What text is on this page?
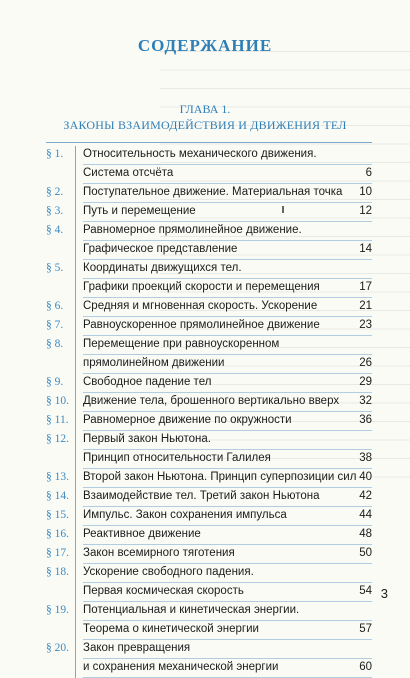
СОДЕРЖАНИЕ
ГЛАВА 1.
ЗАКОНЫ ВЗАИМОДЕЙСТВИЯ И ДВИЖЕНИЯ ТЕЛ
§ 1. Относительность механического движения.
Система отсчёта	6
§ 2. Поступательное движение. Материальная точка	10
§ 3. Путь и перемещение	12
§ 4. Равномерное прямолинейное движение.
Графическое представление	14
§ 5. Координаты движущихся тел.
Графики проекций скорости и перемещения	17
§ 6. Средняя и мгновенная скорость. Ускорение	21
§ 7. Равноускоренное прямолинейное движение	23
§ 8. Перемещение при равноускоренном
прямолинейном движении	26
§ 9. Свободное падение тел	29
§ 10. Движение тела, брошенного вертикально вверх	32
§ 11. Равномерное движение по окружности	36
§ 12. Первый закон Ньютона.
Принцип относительности Галилея	38
§ 13. Второй закон Ньютона. Принцип суперпозиции сил 40
§ 14. Взаимодействие тел. Третий закон Ньютона	42
§ 15. Импульс. Закон сохранения импульса	44
§ 16. Реактивное движение	48
§ 17. Закон всемирного тяготения	50
§ 18. Ускорение свободного падения.
Первая космическая скорость	54
§ 19. Потенциальная и кинетическая энергии.
Теорема о кинетической энергии	57
§ 20. Закон превращения
и сохранения механической энергии	60
3
